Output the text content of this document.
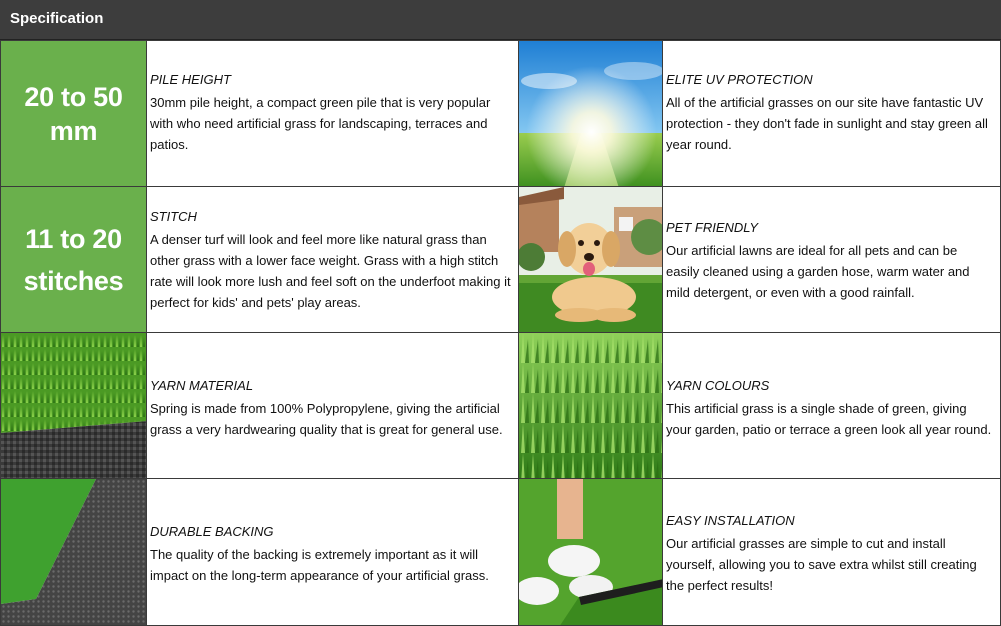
Specification
20 to 50 mm
PILE HEIGHT
30mm pile height, a compact green pile that is very popular with who need artificial grass for landscaping, terraces and patios.
ELITE UV PROTECTION
All of the artificial grasses on our site have fantastic UV protection - they don't fade in sunlight and stay green all year round.
11 to 20 stitches
STITCH
A denser turf will look and feel more like natural grass than other grass with a lower face weight. Grass with a high stitch rate will look more lush and feel soft on the underfoot making it perfect for kids' and pets' play areas.
PET FRIENDLY
Our artificial lawns are ideal for all pets and can be easily cleaned using a garden hose, warm water and mild detergent, or even with a good rainfall.
YARN MATERIAL
Spring is made from 100% Polypropylene, giving the artificial grass a very hardwearing quality that is great for general use.
YARN COLOURS
This artificial grass is a single shade of green, giving your garden, patio or terrace a green look all year round.
DURABLE BACKING
The quality of the backing is extremely important as it will impact on the long-term appearance of your artificial grass.
EASY INSTALLATION
Our artificial grasses are simple to cut and install yourself, allowing you to save extra whilst still creating the perfect results!
